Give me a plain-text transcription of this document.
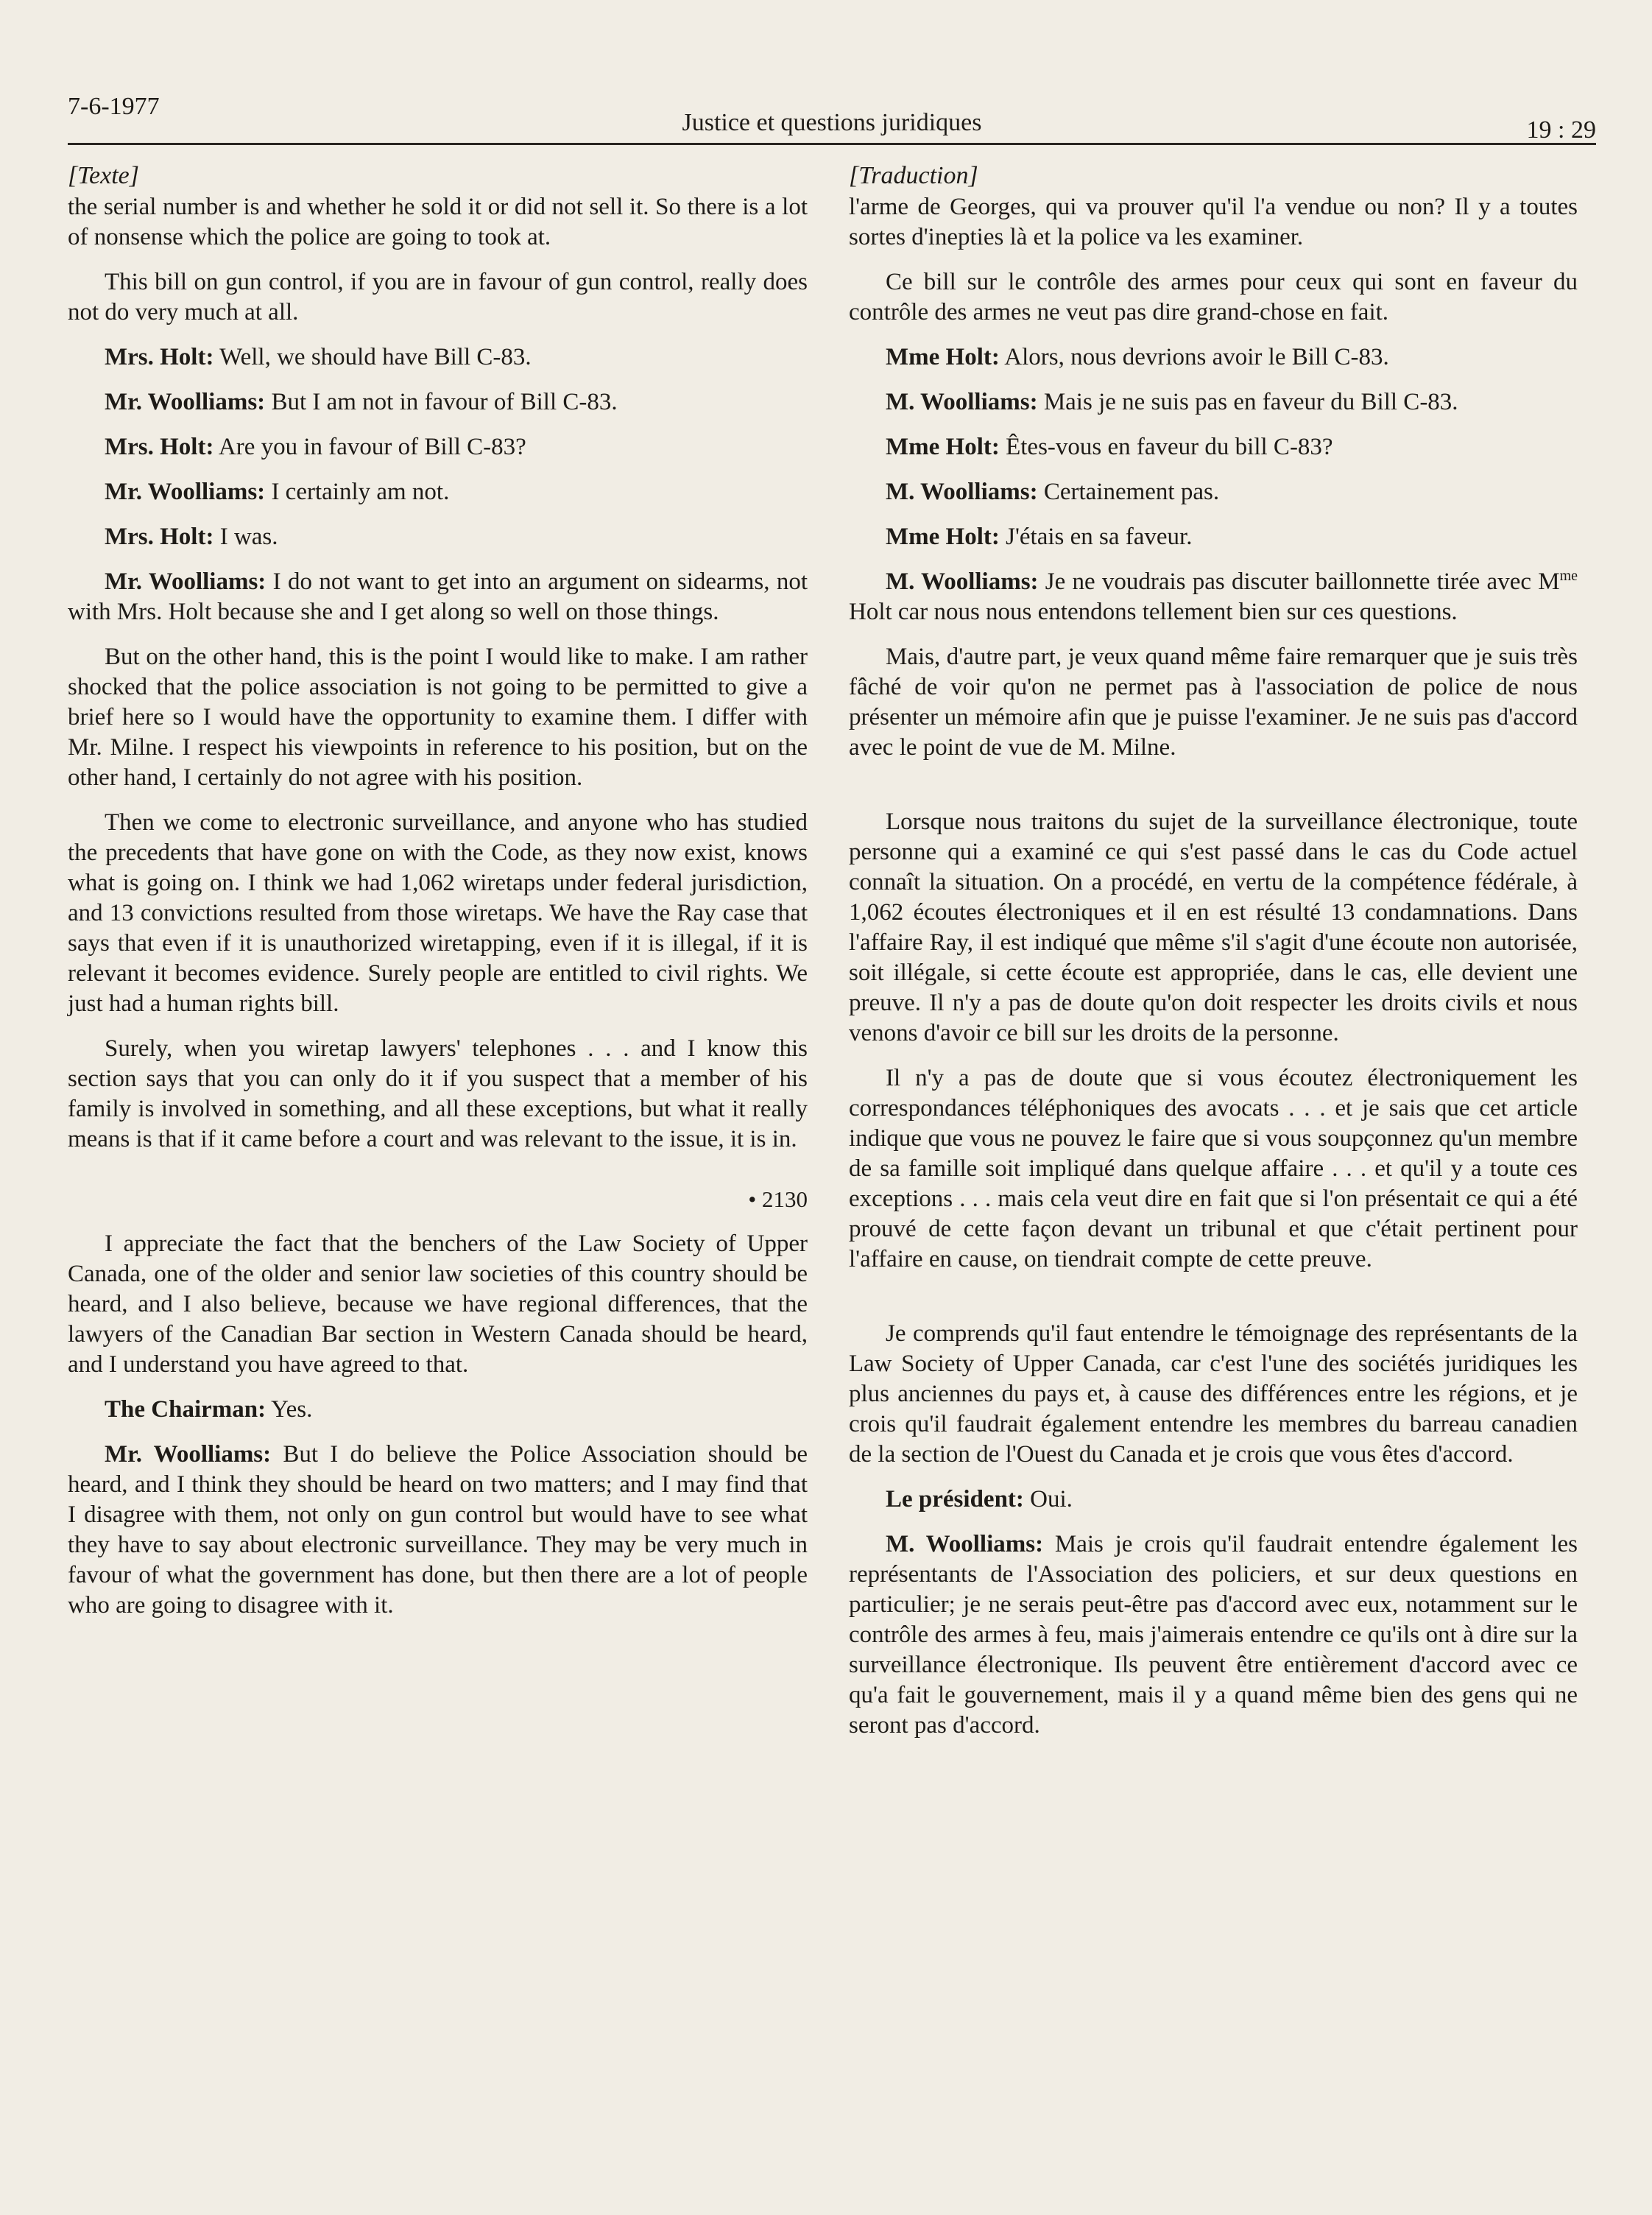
7-6-1977
Justice et questions juridiques	19 : 29

[Texte]

the serial number is and whether he sold it or did not sell it. So there is a lot of nonsense which the police are going to took at.

This bill on gun control, if you are in favour of gun control, really does not do very much at all.

Mrs. Holt: Well, we should have Bill C-83.

Mr. Woolliams: But I am not in favour of Bill C-83.

Mrs. Holt: Are you in favour of Bill C-83?

Mr. Woolliams: I certainly am not.

Mrs. Holt: I was.

Mr. Woolliams: I do not want to get into an argument on sidearms, not with Mrs. Holt because she and I get along so well on those things.

But on the other hand, this is the point I would like to make. I am rather shocked that the police association is not going to be permitted to give a brief here so I would have the opportunity to examine them. I differ with Mr. Milne. I respect his viewpoints in reference to his position, but on the other hand, I certainly do not agree with his position.

Then we come to electronic surveillance, and anyone who has studied the precedents that have gone on with the Code, as they now exist, knows what is going on. I think we had 1,062 wiretaps under federal jurisdiction, and 13 convictions resulted from those wiretaps. We have the Ray case that says that even if it is unauthorized wiretapping, even if it is illegal, if it is relevant it becomes evidence. Surely people are entitled to civil rights. We just had a human rights bill.

Surely, when you wiretap lawyers' telephones . . . and I know this section says that you can only do it if you suspect that a member of his family is involved in something, and all these exceptions, but what it really means is that if it came before a court and was relevant to the issue, it is in.

• 2130

I appreciate the fact that the benchers of the Law Society of Upper Canada, one of the older and senior law societies of this country should be heard, and I also believe, because we have regional differences, that the lawyers of the Canadian Bar section in Western Canada should be heard, and I understand you have agreed to that.

The Chairman: Yes.

Mr. Woolliams: But I do believe the Police Association should be heard, and I think they should be heard on two matters; and I may find that I disagree with them, not only on gun control but would have to see what they have to say about electronic surveillance. They may be very much in favour of what the government has done, but then there are a lot of people who are going to disagree with it.

[Traduction]

l'arme de Georges, qui va prouver qu'il l'a vendue ou non? Il y a toutes sortes d'inepties là et la police va les examiner.

Ce bill sur le contrôle des armes pour ceux qui sont en faveur du contrôle des armes ne veut pas dire grand-chose en fait.

Mme Holt: Alors, nous devrions avoir le Bill C-83.

M. Woolliams: Mais je ne suis pas en faveur du Bill C-83.

Mme Holt: Êtes-vous en faveur du bill C-83?

M. Woolliams: Certainement pas.

Mme Holt: J'étais en sa faveur.

M. Woolliams: Je ne voudrais pas discuter baillonnette tirée avec $M^{me}$ Holt car nous nous entendons tellement bien sur ces questions.

Mais, d'autre part, je veux quand même faire remarquer que je suis très fâché de voir qu'on ne permet pas à l'association de police de nous présenter un mémoire afin que je puisse l'examiner. Je ne suis pas d'accord avec le point de vue de M. Milne.

Lorsque nous traitons du sujet de la surveillance électronique, toute personne qui a examiné ce qui s'est passé dans le cas du Code actuel connaît la situation. On a procédé, en vertu de la compétence fédérale, à 1,062 écoutes électroniques et il en est résulté 13 condamnations. Dans l'affaire Ray, il est indiqué que même s'il s'agit d'une écoute non autorisée, soit illégale, si cette écoute est appropriée, dans le cas, elle devient une preuve. Il n'y a pas de doute qu'on doit respecter les droits civils et nous venons d'avoir ce bill sur les droits de la personne.

Il n'y a pas de doute que si vous écoutez électroniquement les correspondances téléphoniques des avocats . . . et je sais que cet article indique que vous ne pouvez le faire que si vous soupçonnez qu'un membre de sa famille soit impliqué dans quelque affaire . . . et qu'il y a toute ces exceptions . . . mais cela veut dire en fait que si l'on présentait ce qui a été prouvé de cette façon devant un tribunal et que c'était pertinent pour l'affaire en cause, on tiendrait compte de cette preuve.

Je comprends qu'il faut entendre le témoignage des représentants de la Law Society of Upper Canada, car c'est l'une des sociétés juridiques les plus anciennes du pays et, à cause des différences entre les régions, et je crois qu'il faudrait également entendre les membres du barreau canadien de la section de l'Ouest du Canada et je crois que vous êtes d'accord.

Le président: Oui.

M. Woolliams: Mais je crois qu'il faudrait entendre également les représentants de l'Association des policiers, et sur deux questions en particulier; je ne serais peut-être pas d'accord avec eux, notamment sur le contrôle des armes à feu, mais j'aimerais entendre ce qu'ils ont à dire sur la surveillance électronique. Ils peuvent être entièrement d'accord avec ce qu'a fait le gouvernement, mais il y a quand même bien des gens qui ne seront pas d'accord.
